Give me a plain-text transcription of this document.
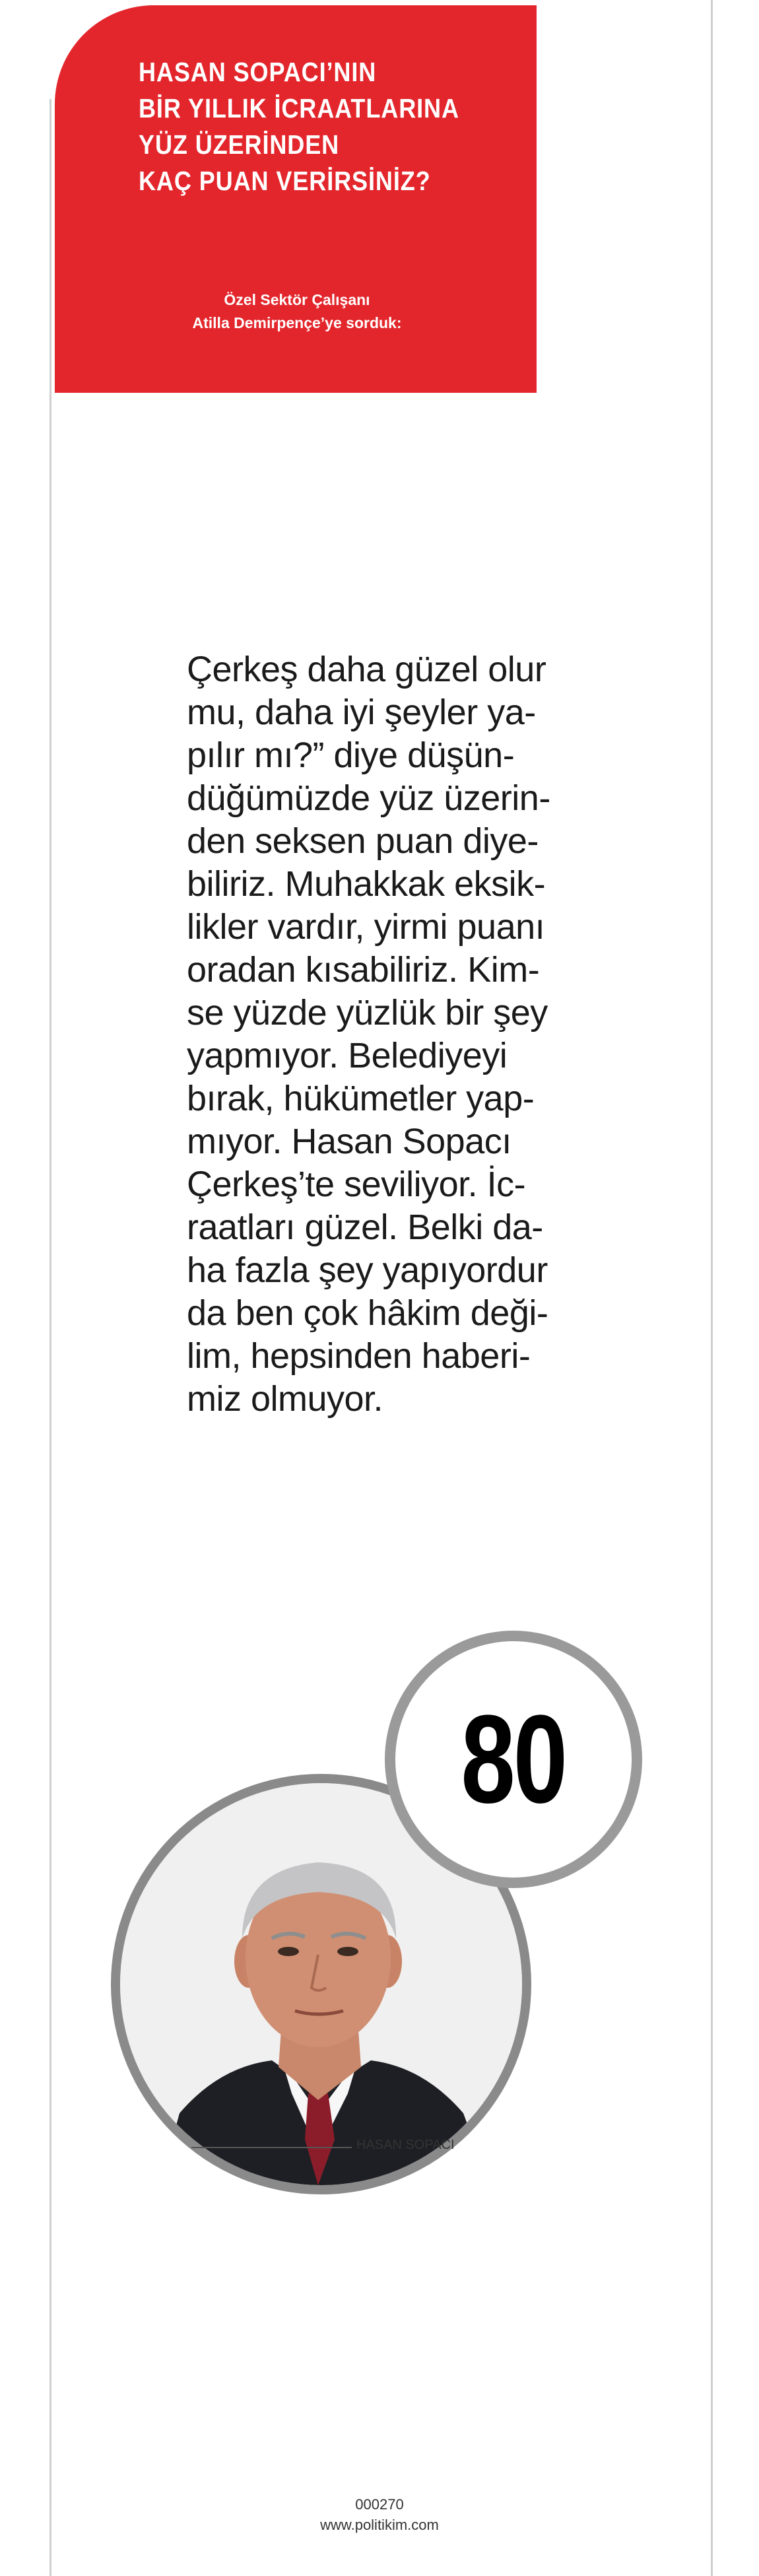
HASAN SOPACI’NIN
BİR YILLIK İCRAATLARINA
YÜZ ÜZERİNDEN
KAÇ PUAN VERİRSİNİZ?
Özel Sektör Çalışanı
Atilla Demirpençe’ye sorduk:
Çerkeş daha güzel olur
mu, daha iyi şeyler ya-
pılır mı?” diye düşün-
düğümüzde yüz üzerin-
den seksen puan diye-
biliriz. Muhakkak eksik-
likler vardır, yirmi puanı
oradan kısabiliriz. Kim-
se yüzde yüzlük bir şey
yapmıyor. Belediyeyi
bırak, hükümetler yap-
mıyor. Hasan Sopacı
Çerkeş’te seviliyor. İc-
raatları güzel. Belki da-
ha fazla şey yapıyordur
da ben çok hâkim deği-
lim, hepsinden haberi-
miz olmuyor.
80
HASAN SOPACI
000270
www.politikim.com
